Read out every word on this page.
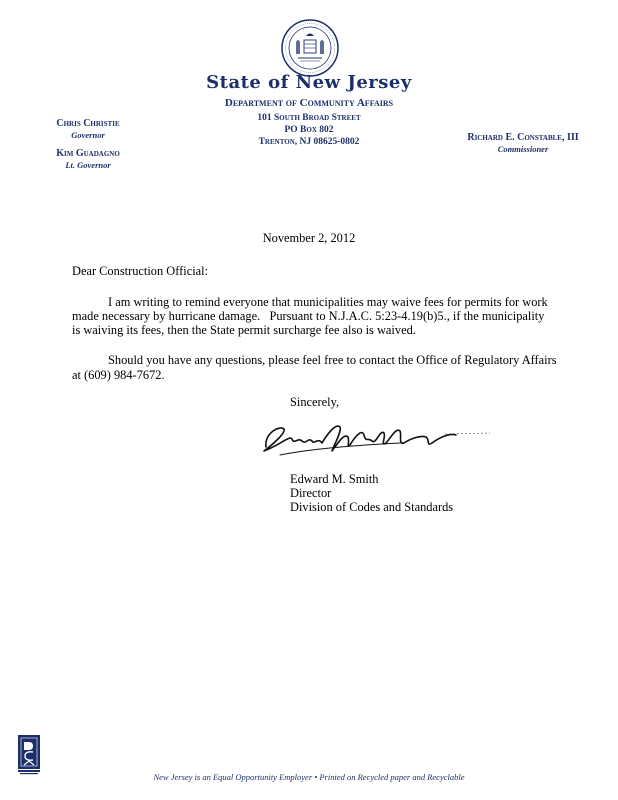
State of New Jersey
Department of Community Affairs
101 South Broad Street
PO Box 802
Trenton, NJ 08625-0802
Chris Christie
Governor
Kim Guadagno
Lt. Governor
Richard E. Constable, III
Commissioner
November 2, 2012
Dear Construction Official:
I am writing to remind everyone that municipalities may waive fees for permits for work
made necessary by hurricane damage.   Pursuant to N.J.A.C. 5:23-4.19(b)5., if the municipality
is waiving its fees, then the State permit surcharge fee also is waived.
Should you have any questions, please feel free to contact the Office of Regulatory Affairs
at (609) 984-7672.
Sincerely,
Edward M. Smith
Director
Division of Codes and Standards
New Jersey is an Equal Opportunity Employer • Printed on Recycled paper and Recyclable
